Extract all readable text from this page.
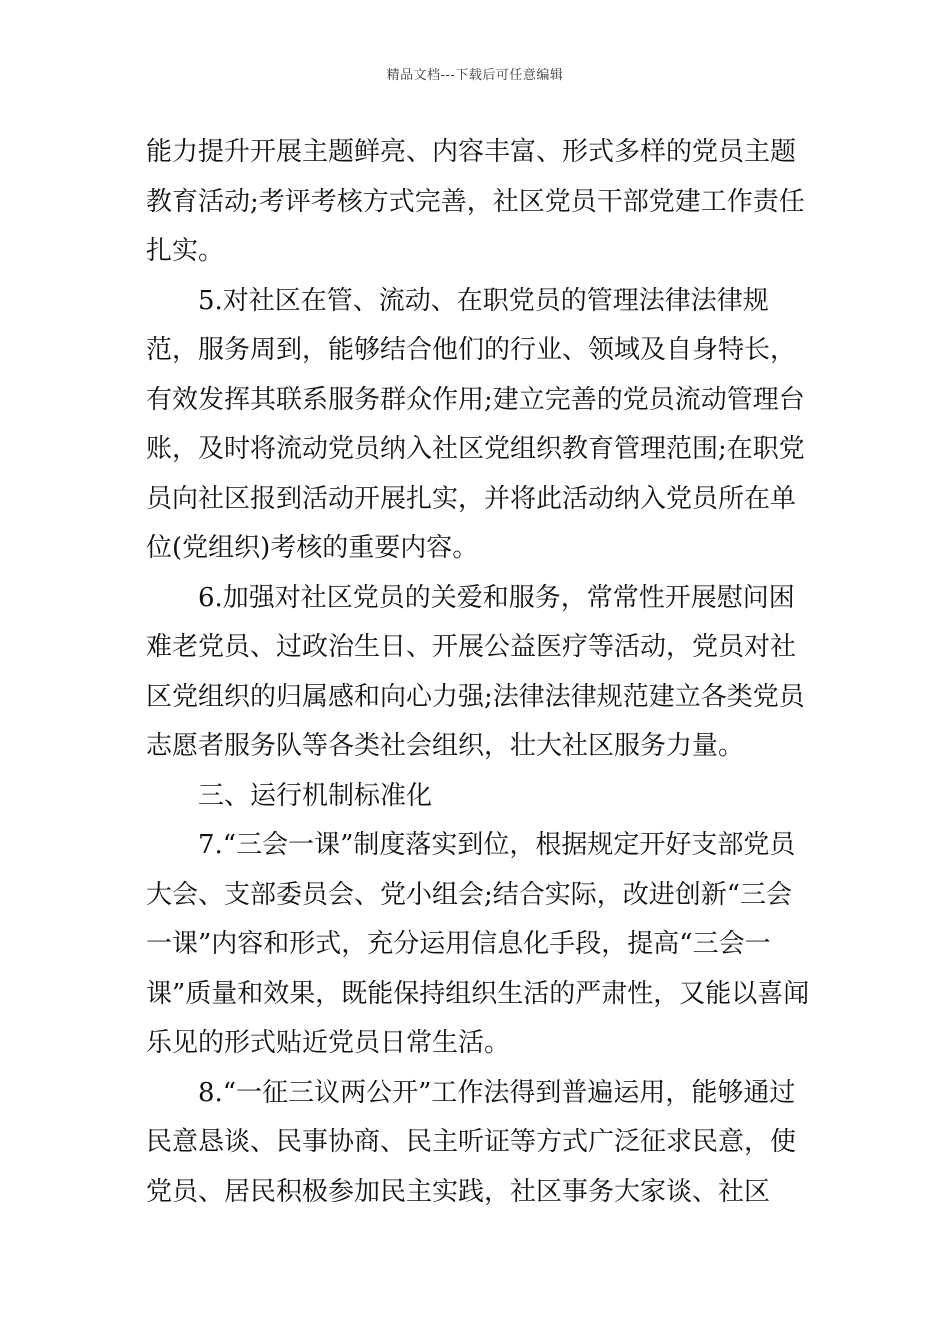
精品文档---下载后可任意编辑

能力提升开展主题鲜亮、内容丰富、形式多样的党员主题教育活动;考评考核方式完善，社区党员干部党建工作责任扎实。

5.对社区在管、流动、在职党员的管理法律法律规范，服务周到，能够结合他们的行业、领域及自身特长，有效发挥其联系服务群众作用;建立完善的党员流动管理台账，及时将流动党员纳入社区党组织教育管理范围;在职党员向社区报到活动开展扎实，并将此活动纳入党员所在单位(党组织)考核的重要内容。

6.加强对社区党员的关爱和服务，常常性开展慰问困难老党员、过政治生日、开展公益医疗等活动，党员对社区党组织的归属感和向心力强;法律法律规范建立各类党员志愿者服务队等各类社会组织，壮大社区服务力量。

三、运行机制标准化

7.“三会一课”制度落实到位，根据规定开好支部党员大会、支部委员会、党小组会;结合实际，改进创新“三会一课”内容和形式，充分运用信息化手段，提高“三会一课”质量和效果，既能保持组织生活的严肃性，又能以喜闻乐见的形式贴近党员日常生活。

8.“一征三议两公开”工作法得到普遍运用，能够通过民意恳谈、民事协商、民主听证等方式广泛征求民意，使党员、居民积极参加民主实践，社区事务大家谈、社区
